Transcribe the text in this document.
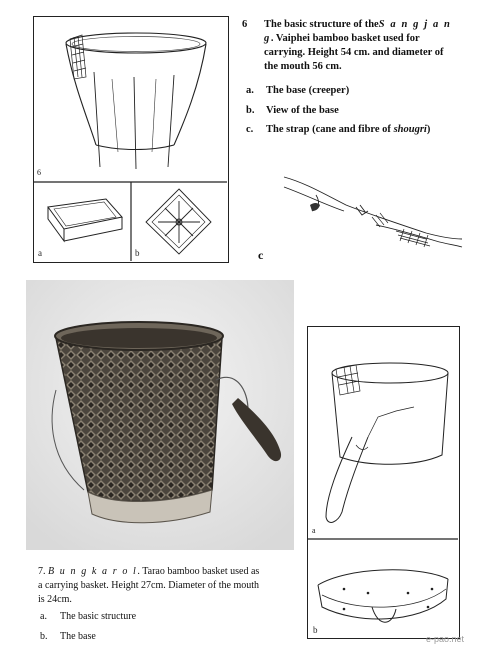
6
a	b
6 The basic structure of theS a n g j a n g. Vaiphei bamboo basket used for carrying. Height 54 cm. and diameter of the mouth 56 cm.
a. The base (creeper)
b. View of the base
c. The strap (cane and fibre of shougri)
c
a
b
7. B u n g k a r o l. Tarao bamboo basket used as a carrying basket. Height 27cm. Diameter of the mouth is 24cm.
a. The basic structure
b. The base	e-pao.net
